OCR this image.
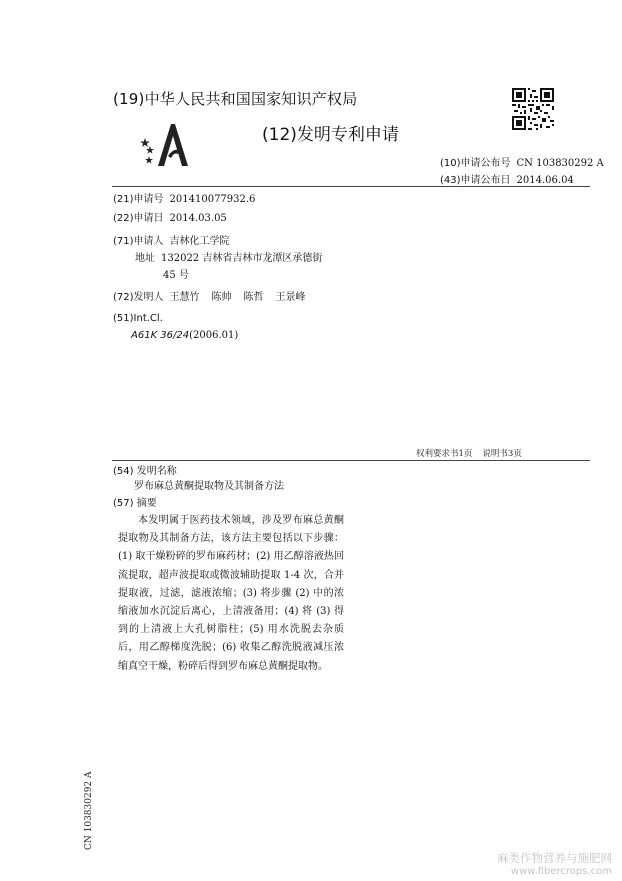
(19)中华人民共和国国家知识产权局
(12)发明专利申请
(10)申请公布号 CN 103830292 A
(43)申请公布日 2014.06.04
(21)申请号 201410077932.6
(22)申请日 2014.03.05
(71)申请人 吉林化工学院
地址 132022 吉林省吉林市龙潭区承德街
45 号
(72)发明人 王慧竹 陈帅 陈哲 王景峰
(51)Int.Cl.
A61K 36/24(2006.01)
权利要求书1页 说明书3页
(54) 发明名称
罗布麻总黄酮提取物及其制备方法
(57) 摘要

本发明属于医药技术领域，涉及罗布麻总黄酮提取物及其制备方法，该方法主要包括以下步骤：(1) 取干燥粉碎的罗布麻药材；(2) 用乙醇溶液热回流提取，超声波提取或微波辅助提取 1-4 次，合并提取液，过滤，滤液浓缩；(3) 将步骤 (2) 中的浓缩液加水沉淀后离心，上清液备用；(4) 将 (3) 得到的上清液上大孔树脂柱；(5) 用水洗脱去杂质后，用乙醇梯度洗脱；(6) 收集乙醇洗脱液减压浓缩真空干燥，粉碎后得到罗布麻总黄酮提取物。

CN 103830292 A
麻类作物营养与施肥网
www.fibercrops.com
